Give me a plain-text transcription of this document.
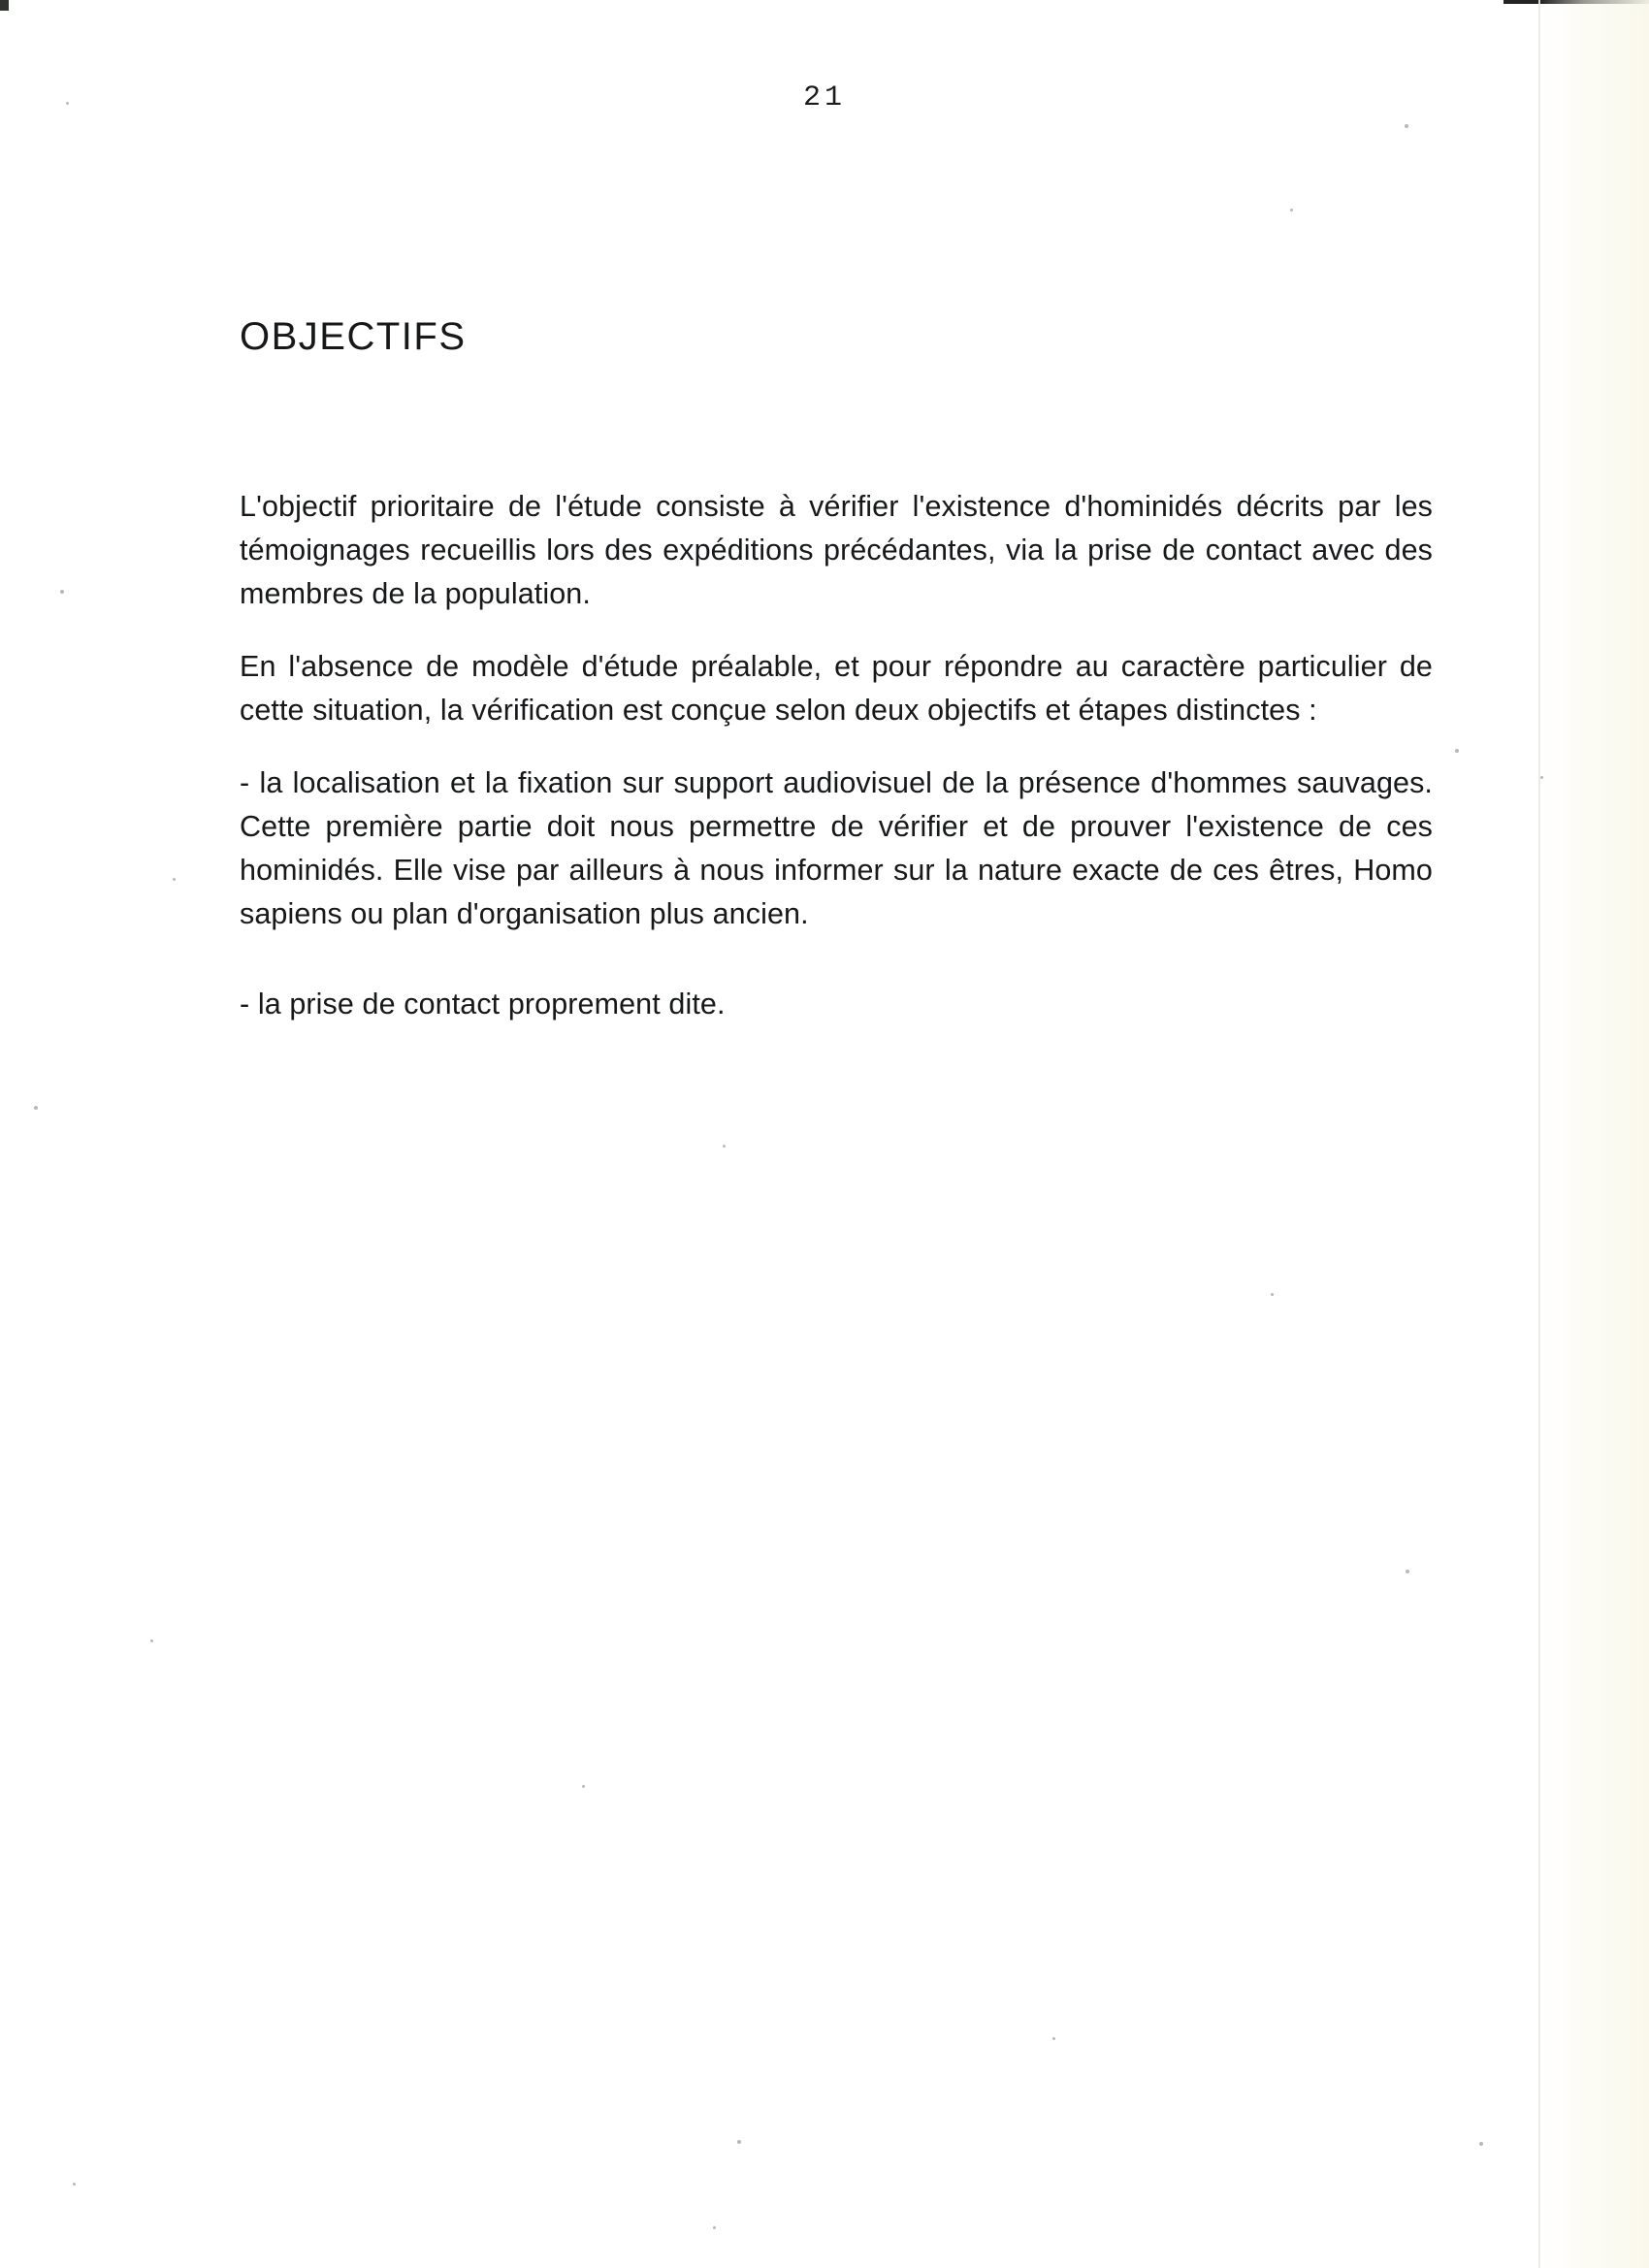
21
OBJECTIFS

L'objectif prioritaire de l'étude consiste à vérifier l'existence d'hominidés décrits par les témoignages recueillis lors des expéditions précédantes, via la prise de contact avec des membres de la population.

En l'absence de modèle d'étude préalable, et pour répondre au caractère particulier de cette situation, la vérification est conçue selon deux objectifs et étapes distinctes :

- la localisation et la fixation sur support audiovisuel de la présence d'hommes sauvages. Cette première partie doit nous permettre de vérifier et de prouver l'existence de ces hominidés. Elle vise par ailleurs à nous informer sur la nature exacte de ces êtres, Homo sapiens ou plan d'organisation plus ancien.

- la prise de contact proprement dite.
